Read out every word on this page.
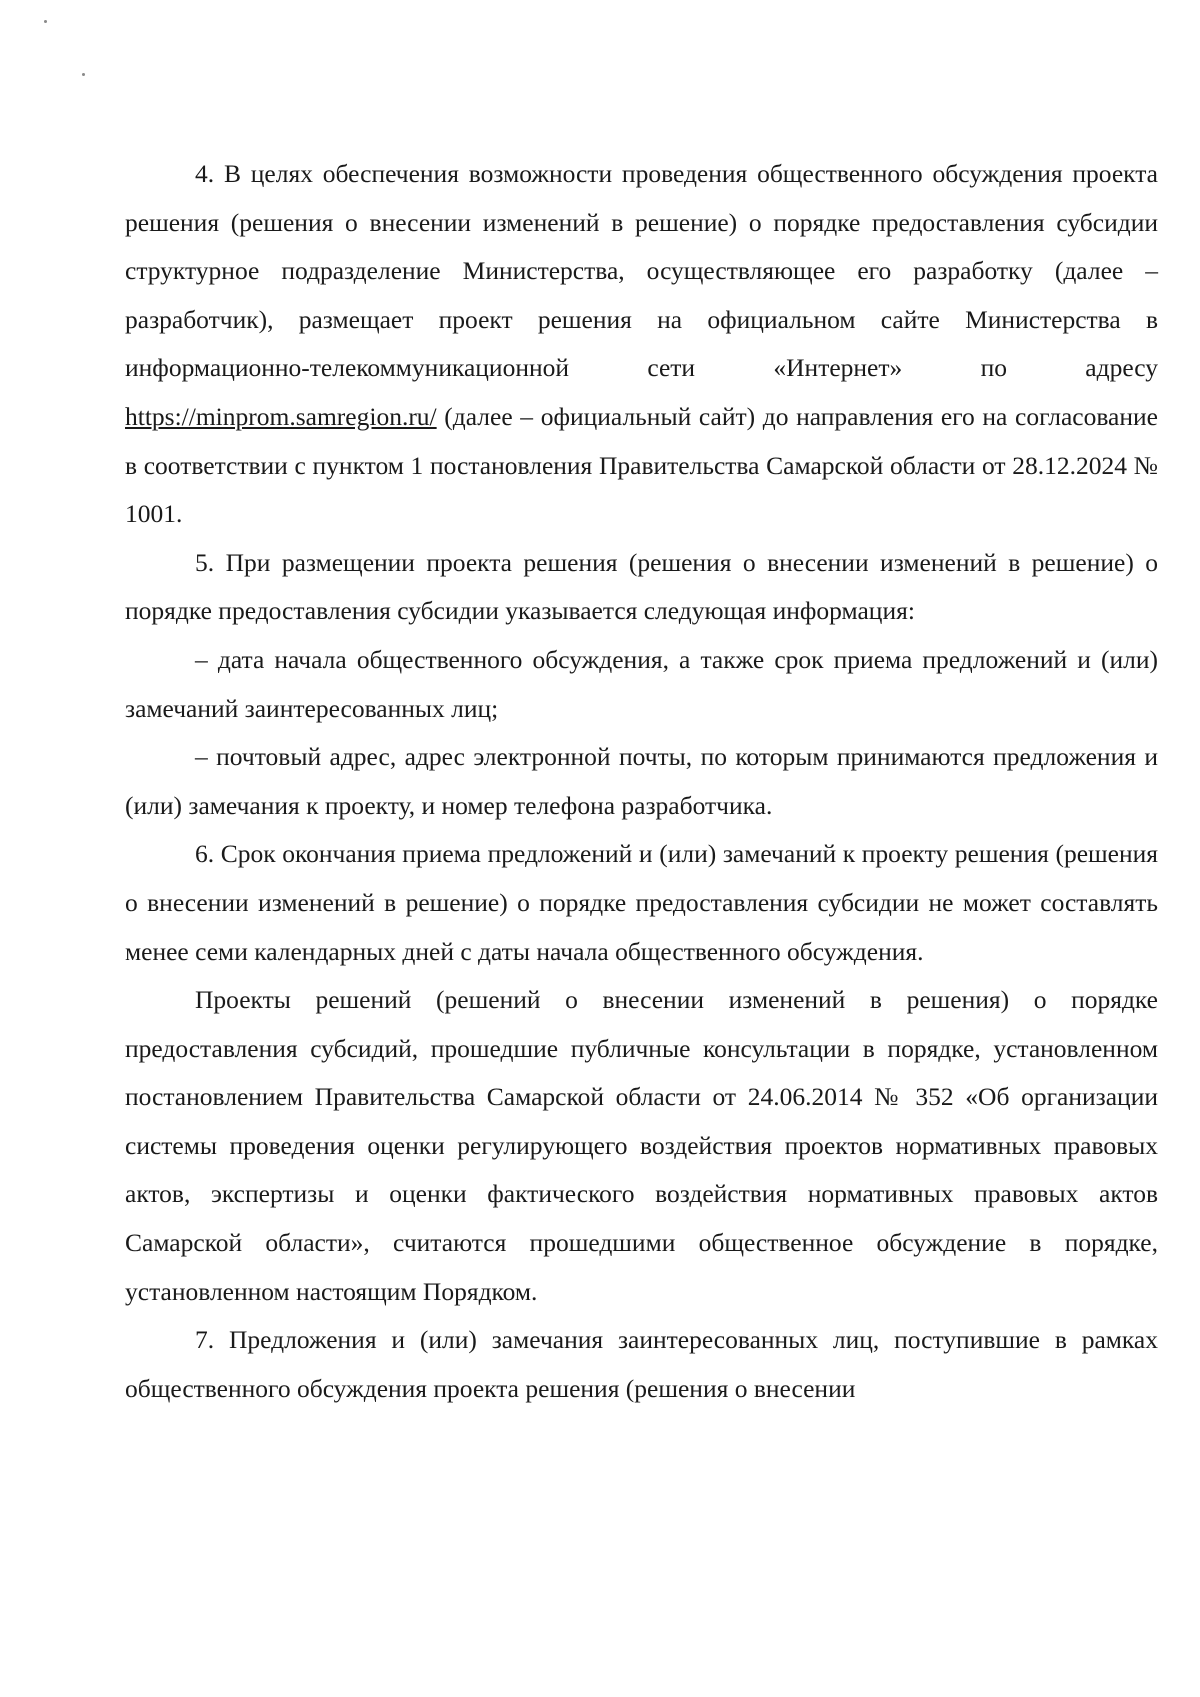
4. В целях обеспечения возможности проведения общественного обсуждения проекта решения (решения о внесении изменений в решение) о порядке предоставления субсидии структурное подразделение Министерства, осуществляющее его разработку (далее – разработчик), размещает проект решения на официальном сайте Министерства в информационно-телекоммуникационной сети «Интернет» по адресу https://minprom.samregion.ru/ (далее – официальный сайт) до направления его на согласование в соответствии с пунктом 1 постановления Правительства Самарской области от 28.12.2024 № 1001.

5. При размещении проекта решения (решения о внесении изменений в решение) о порядке предоставления субсидии указывается следующая информация:

– дата начала общественного обсуждения, а также срок приема предложений и (или) замечаний заинтересованных лиц;

– почтовый адрес, адрес электронной почты, по которым принимаются предложения и (или) замечания к проекту, и номер телефона разработчика.

6. Срок окончания приема предложений и (или) замечаний к проекту решения (решения о внесении изменений в решение) о порядке предоставления субсидии не может составлять менее семи календарных дней с даты начала общественного обсуждения.

Проекты решений (решений о внесении изменений в решения) о порядке предоставления субсидий, прошедшие публичные консультации в порядке, установленном постановлением Правительства Самарской области от 24.06.2014 № 352 «Об организации системы проведения оценки регулирующего воздействия проектов нормативных правовых актов, экспертизы и оценки фактического воздействия нормативных правовых актов Самарской области», считаются прошедшими общественное обсуждение в порядке, установленном настоящим Порядком.

7. Предложения и (или) замечания заинтересованных лиц, поступившие в рамках общественного обсуждения проекта решения (решения о внесении
